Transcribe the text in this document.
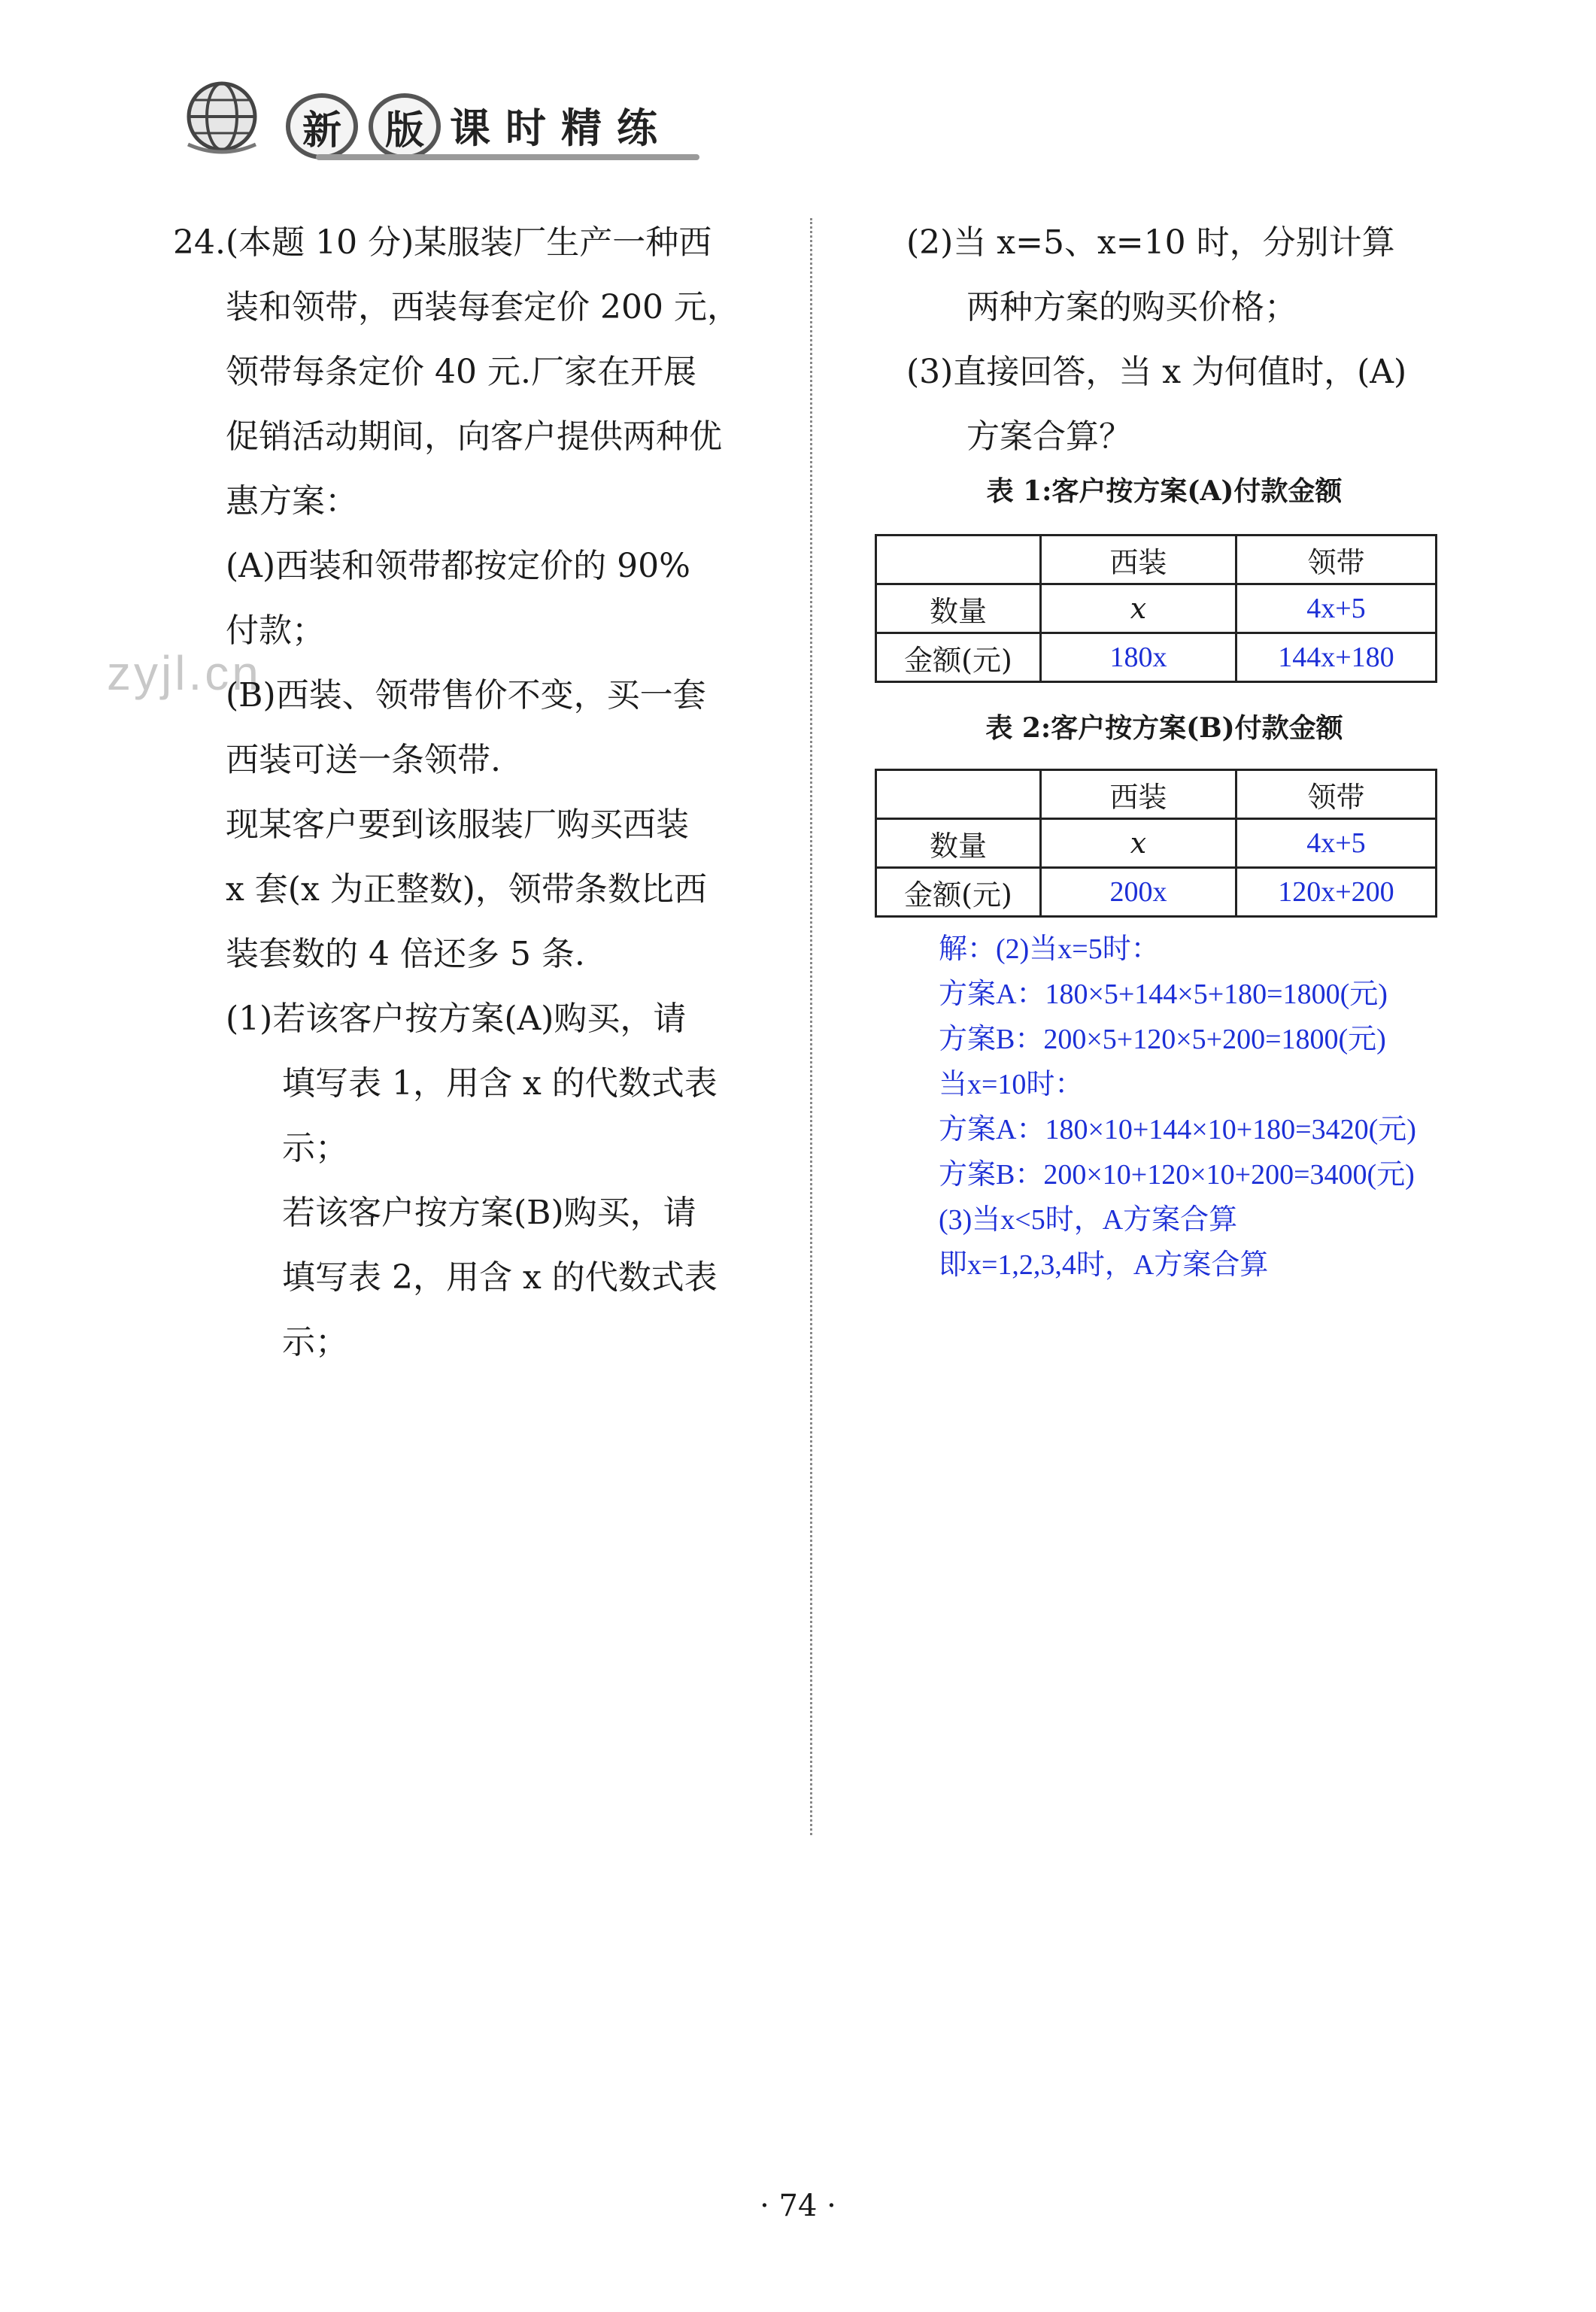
新	版 课时精练
zyjl.cn

24.(本题 10 分)某服装厂生产一种西

装和领带，西装每套定价 200 元，

领带每条定价 40 元.厂家在开展

促销活动期间，向客户提供两种优

惠方案：

(A)西装和领带都按定价的 90%

付款；

(B)西装、领带售价不变，买一套

西装可送一条领带.

现某客户要到该服装厂购买西装

x 套(x 为正整数)，领带条数比西

装套数的 4 倍还多 5 条.

(1)若该客户按方案(A)购买，请

填写表 1，用含 x 的代数式表

示；

若该客户按方案(B)购买，请

填写表 2，用含 x 的代数式表

示；

(2)当 x=5、x=10 时，分别计算

两种方案的购买价格；

(3)直接回答，当 x 为何值时，(A)

方案合算？

表 1:客户按方案(A)付款金额
	西装	领带
数量	x	4x+5
金额(元)	180x	144x+180
表 2:客户按方案(B)付款金额
	西装	领带
数量	x	4x+5
金额(元)	200x	120x+200

解：(2)当x=5时：

方案A：180×5+144×5+180=1800(元)

方案B：200×5+120×5+200=1800(元)

当x=10时：

方案A：180×10+144×10+180=3420(元)

方案B：200×10+120×10+200=3400(元)

(3)当x<5时，A方案合算

即x=1,2,3,4时，A方案合算

· 74 ·
